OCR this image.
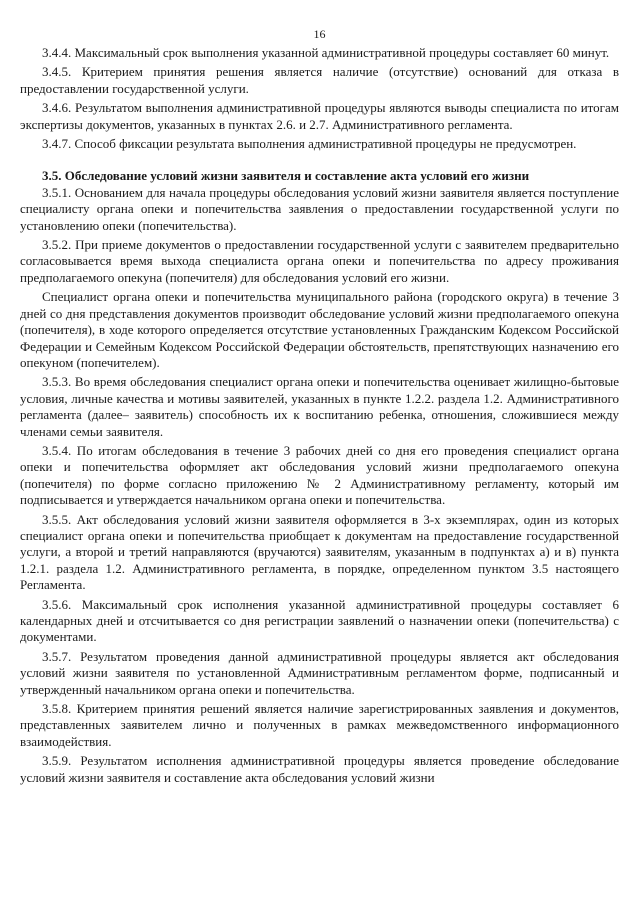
16

3.4.4. Максимальный срок выполнения указанной административной процедуры составляет 60 минут.

3.4.5. Критерием принятия решения является наличие (отсутствие) оснований для отказа в предоставлении государственной услуги.

3.4.6. Результатом выполнения административной процедуры являются выводы специалиста по итогам экспертизы документов, указанных в пунктах 2.6. и 2.7. Административного регламента.

3.4.7. Способ фиксации результата выполнения административной процедуры не предусмотрен.

3.5. Обследование условий жизни заявителя и составление акта условий его жизни

3.5.1. Основанием для начала процедуры обследования условий жизни заявителя является поступление специалисту органа опеки и попечительства заявления о предоставлении государственной услуги по установлению опеки (попечительства).

3.5.2. При приеме документов о предоставлении государственной услуги с заявителем предварительно согласовывается время выхода специалиста органа опеки и попечительства по адресу проживания предполагаемого опекуна (попечителя) для обследования условий его жизни.

Специалист органа опеки и попечительства муниципального района (городского округа) в течение 3 дней со дня представления документов производит обследование условий жизни предполагаемого опекуна (попечителя), в ходе которого определяется отсутствие установленных Гражданским Кодексом Российской Федерации и Семейным Кодексом Российской Федерации обстоятельств, препятствующих назначению его опекуном (попечителем).

3.5.3. Во время обследования специалист органа опеки и попечительства оценивает жилищно-бытовые условия, личные качества и мотивы заявителей, указанных в пункте 1.2.2. раздела 1.2. Административного регламента (далее– заявитель) способность их к воспитанию ребенка, отношения, сложившиеся между членами семьи заявителя.

3.5.4. По итогам обследования в течение 3 рабочих дней со дня его проведения специалист органа опеки и попечительства оформляет акт обследования условий жизни предполагаемого опекуна (попечителя) по форме согласно приложению № 2 Административному регламенту, который им подписывается и утверждается начальником органа опеки и попечительства.

3.5.5. Акт обследования условий жизни заявителя оформляется в 3-х экземплярах, один из которых специалист органа опеки и попечительства приобщает к документам на предоставление государственной услуги, а второй и третий направляются (вручаются) заявителям, указанным в подпунктах а) и в) пункта 1.2.1. раздела 1.2. Административного регламента, в порядке, определенном пунктом 3.5 настоящего Регламента.

3.5.6. Максимальный срок исполнения указанной административной процедуры составляет 6 календарных дней и отсчитывается со дня регистрации заявлений о назначении опеки (попечительства) с документами.

3.5.7. Результатом проведения данной административной процедуры является акт обследования условий жизни заявителя по установленной Административным регламентом форме, подписанный и утвержденный начальником органа опеки и попечительства.

3.5.8. Критерием принятия решений является наличие зарегистрированных заявления и документов, представленных заявителем лично и полученных в рамках межведомственного информационного взаимодействия.

3.5.9. Результатом исполнения административной процедуры является проведение обследование условий жизни заявителя и составление акта обследования условий жизни
